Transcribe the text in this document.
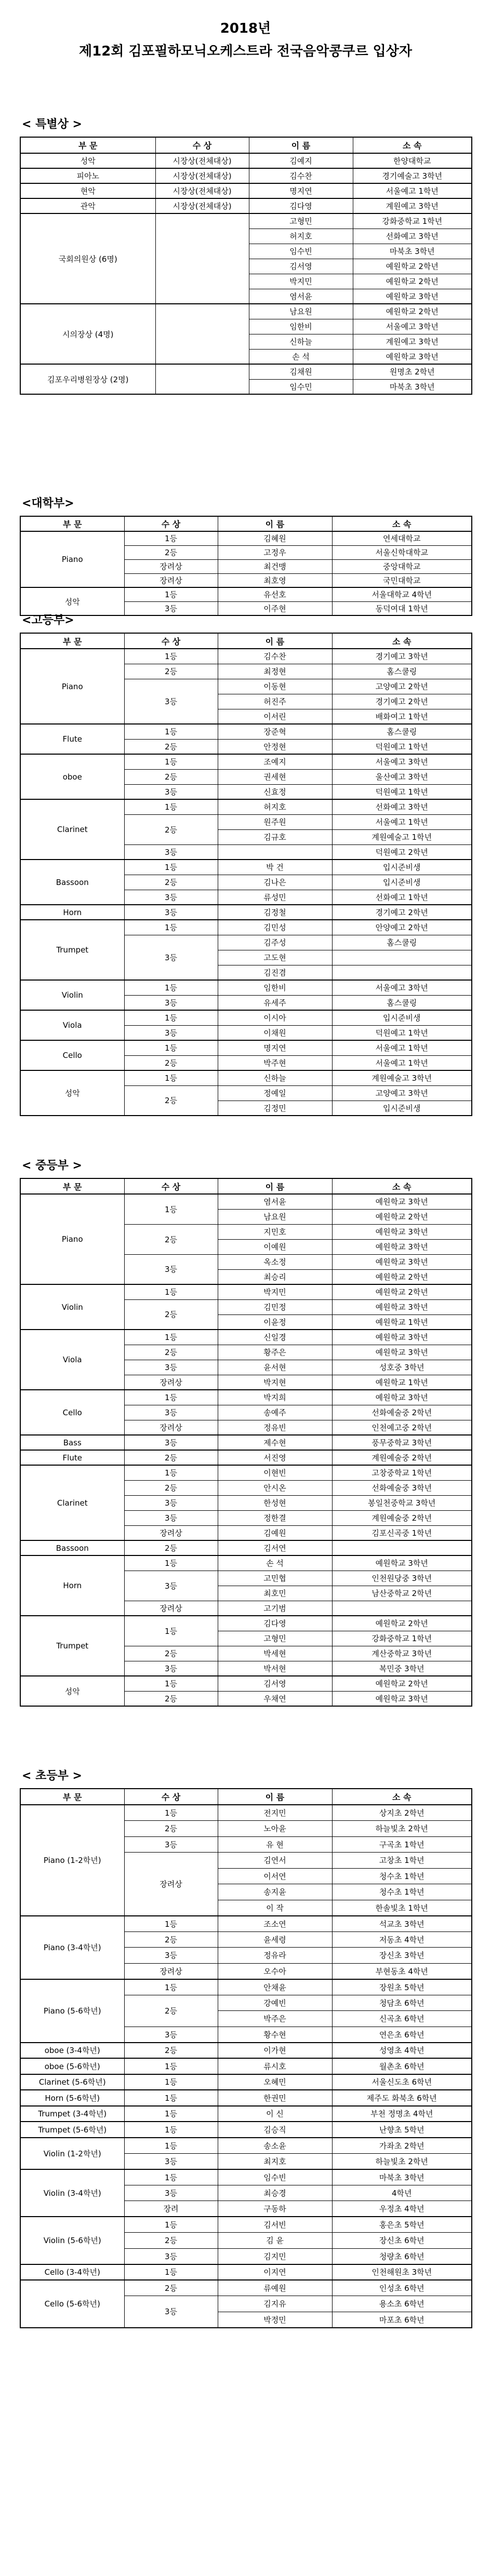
2018년
제12회 김포필하모닉오케스트라 전국음악콩쿠르 입상자
< 특별상 >
부 문	수 상	이 름	소 속
성악	시장상(전체대상)	김예지	한양대학교
피아노	시장상(전체대상)	김수찬	경기예술고 3학년
현악	시장상(전체대상)	명지연	서울예고 1학년
관악	시장상(전체대상)	김다영	계원예고 3학년
국회의원상 (6명)		고형민	강화중학교 1학년
		허지호	선화예고 3학년
		임수빈	마북초 3학년
		김서영	예원학교 2학년
		박지민	예원학교 2학년
		염서윤	예원학교 3학년
시의장상 (4명)		남요원	예원학교 2학년
		임한비	서울예고 3학년
		신하늘	계원예고 3학년
		손 석	예원학교 3학년
김포우리병원장상 (2명)		김채원	원명초 2학년
		임수민	마북초 3학년
<대학부>
부 문	수 상	이 름	소 속
Piano	1등	김혜원	연세대학교
	2등	고정우	서울신학대학교
	장려상	최건맹	중앙대학교
	장려상	최호영	국민대학교
성악	1등	유선호	서울대학교 4학년
	3등	이주현	동덕여대 1학년
<고등부>
부 문	수 상	이 름	소 속
Piano	1등	김수찬	경기예고 3학년
	2등	최정현	홈스쿨링
	3등	이동현	고양예고 2학년
		허진주	경기예고 2학년
		이서린	배화여고 1학년
Flute	1등	장준혁	홈스쿨링
	2등	안정현	덕원예고 1학년
oboe	1등	조예지	서울예고 3학년
	2등	권세현	울산예고 3학년
	3등	신효정	덕원예고 1학년
Clarinet	1등	허지호	선화예고 3학년
	2등	원주원	서울예고 1학년
		김규호	계원예술고 1학년
	3등		덕원예고 2학년
Bassoon	1등	박 건	입시준비생
	2등	김나은	입시준비생
	3등	류성민	선화예고 1학년
Horn	3등	김정철	경기예고 2학년
Trumpet	1등	김민성	안양예고 2학년
	3등	김주성	홈스쿨링
		고도현	
		김진겸	
Violin	1등	임한비	서울예고 3학년
	3등	유세주	홈스쿨링
Viola	1등	이시아	입시준비생
	3등	이채원	덕원예고 1학년
Cello	1등	명지연	서울예고 1학년
	2등	박주현	서울예고 1학년
성악	1등	신하늘	계원예술고 3학년
	2등	정예일	고양예고 3학년
		김정민	입시준비생
< 중등부 >
부 문	수 상	이 름	소 속
Piano	1등	염서윤	예원학교 3학년
		남요원	예원학교 2학년
	2등	지민호	예원학교 3학년
		이예원	예원학교 3학년
	3등	옥소정	예원학교 3학년
		최승리	예원학교 2학년
Violin	1등	박지민	예원학교 2학년
	2등	김민정	예원학교 3학년
		이윤정	예원학교 1학년
Viola	1등	신일경	예원학교 3학년
	2등	황주은	예원학교 3학년
	3등	윤서현	성호중 3학년
	장려상	박지현	예원학교 1학년
Cello	1등	박지희	예원학교 3학년
	3등	송예주	선화예술중 2학년
	장려상	정유빈	인천예고중 2학년
Bass	3등	제수현	풍무중학교 3학년
Flute	2등	서진영	계원예술중 2학년
Clarinet	1등	이현빈	고창중학교 1학년
	2등	안시온	선화예술중 3학년
	3등	한성현	봉일천중학교 3학년
	3등	정한결	계원예술중 2학년
	장려상	김예원	김포신곡중 1학년
Bassoon	2등	김서연	
Horn	1등	손 석	예원학교 3학년
	3등	고민협	인천원당중 3학년
		최호민	남산중학교 2학년
	장려상	고기범	
Trumpet	1등	김다영	예원학교 2학년
		고형민	강화중학교 1학년
	2등	박세현	계산중학교 3학년
	3등	박서현	복민중 3학년
성악	1등	김서영	예원학교 2학년
	2등	우채연	예원학교 3학년
< 초등부 >
부 문	수 상	이 름	소 속
Piano (1-2학년)	1등	전지민	상지초 2학년
	2등	노아윤	하늘빛초 2학년
	3등	유 현	구곡초 1학년
	장려상	김연서	고창초 1학년
		이서연	청수초 1학년
		송지윤	청수초 1학년
		이 작	한솔빛초 1학년
Piano (3-4학년)	1등	조소연	석교초 3학년
	2등	윤세령	저동초 4학년
	3등	정유라	장신초 3학년
	장려상	오수아	부현동초 4학년
Piano (5-6학년)	1등	안채윤	장원초 5학년
	2등	강예빈	청담초 6학년
		박주은	신곡초 6학년
	3등	황수현	연은초 6학년
oboe (3-4학년)	2등	이가현	성영초 4학년
oboe (5-6학년)	1등	류시호	월촌초 6학년
Clarinet (5-6학년)	1등	오혜민	서울신도초 6학년
Horn (5-6학년)	1등	한권민	제주도 화북초 6학년
Trumpet (3-4학년)	1등	이 신	부천 정명초 4학년
Trumpet (5-6학년)	1등	김승직	난향초 5학년
Violin (1-2학년)	1등	송소윤	가좌초 2학년
	3등	최지호	하늘빛초 2학년
Violin (3-4학년)	1등	임수빈	마북초 3학년
	3등	최승경	4학년
	장려	구동하	우정초 4학년
Violin (5-6학년)	1등	김서빈	홍은초 5학년
	2등	김 윤	장신초 6학년
	3등	김지민	청량초 6학년
Cello (3-4학년)	1등	이지연	인천해원초 3학년
Cello (5-6학년)	2등	류예원	인성초 6학년
	3등	김지유	용소초 6학년
		박정민	마포초 6학년
